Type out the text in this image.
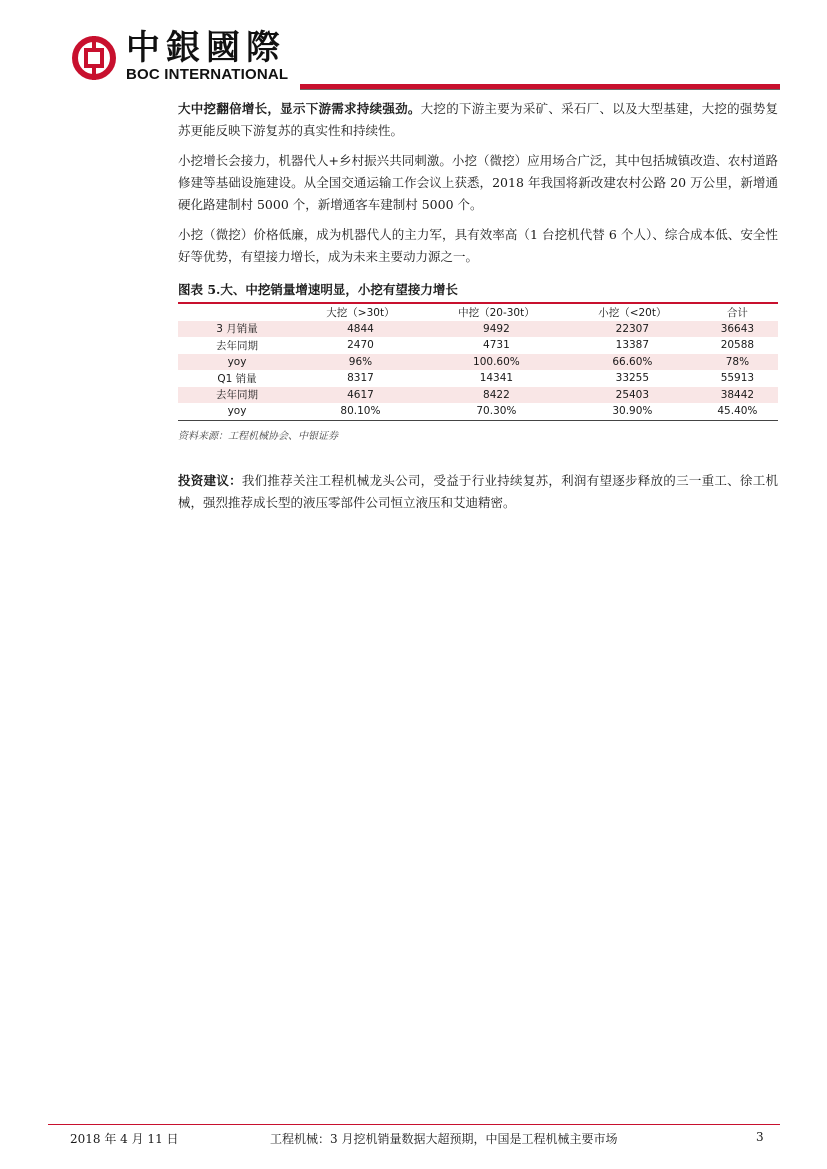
中銀國際
BOC INTERNATIONAL

大中挖翻倍增长，显示下游需求持续强劲。大挖的下游主要为采矿、采石厂、以及大型基建，大挖的强势复苏更能反映下游复苏的真实性和持续性。

小挖增长会接力，机器代人+乡村振兴共同刺激。小挖（微挖）应用场合广泛，其中包括城镇改造、农村道路修建等基础设施建设。从全国交通运输工作会议上获悉，2018 年我国将新改建农村公路 20 万公里，新增通硬化路建制村 5000 个，新增通客车建制村 5000 个。

小挖（微挖）价格低廉，成为机器代人的主力军，具有效率高（1 台挖机代替 6 个人）、综合成本低、安全性好等优势，有望接力增长，成为未来主要动力源之一。

图表 5.大、中挖销量增速明显，小挖有望接力增长
	大挖（>30t）	中挖（20-30t）	小挖（<20t）	合计
3 月销量	4844	9492	22307	36643
去年同期	2470	4731	13387	20588
yoy	96%	100.60%	66.60%	78%
Q1 销量	8317	14341	33255	55913
去年同期	4617	8422	25403	38442
yoy	80.10%	70.30%	30.90%	45.40%
资料来源：工程机械协会、中银证券

投资建议：我们推荐关注工程机械龙头公司，受益于行业持续复苏，利润有望逐步释放的三一重工、徐工机械，强烈推荐成长型的液压零部件公司恒立液压和艾迪精密。

2018 年 4 月 11 日	工程机械：3 月挖机销量数据大超预期，中国是工程机械主要市场	3
